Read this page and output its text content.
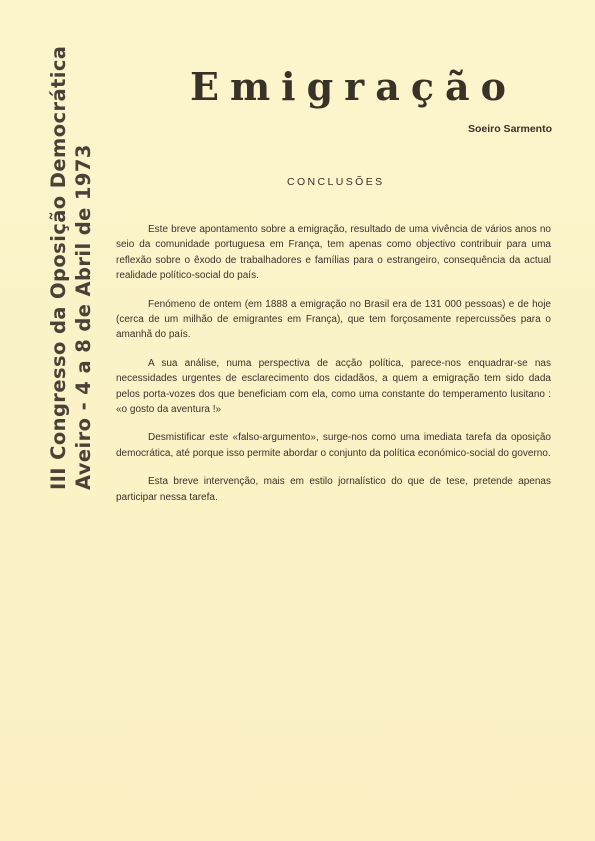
Emigração
Soeiro Sarmento
III Congresso da Oposição Democrática Aveiro - 4 a 8 de Abril de 1973	CONCLUSÕES

Este breve apontamento sobre a emigração, resultado de uma vivência de vários anos no seio da comunidade portuguesa em França, tem apenas como objectivo contribuir para uma reflexão sobre o êxodo de trabalhadores e famílias para o estrangeiro, consequência da actual realidade político-social do país.

Fenómeno de ontem (em 1888 a emigração no Brasil era de 131 000 pessoas) e de hoje (cerca de um milhão de emigrantes em França), que tem forçosamente repercussões para o amanhã do país.

A sua análise, numa perspectiva de acção política, parece-nos enquadrar-se nas necessidades urgentes de esclarecimento dos cidadãos, a quem a emigração tem sido dada pelos porta-vozes dos que beneficiam com ela, como uma constante do temperamento lusitano : «o gosto da aventura !»

Desmistificar este «falso-argumento», surge-nos como uma imediata tarefa da oposição democrática, até porque isso permite abordar o conjunto da política económico-social do governo.

Esta breve intervenção, mais em estilo jornalístico do que de tese, pretende apenas participar nessa tarefa.
